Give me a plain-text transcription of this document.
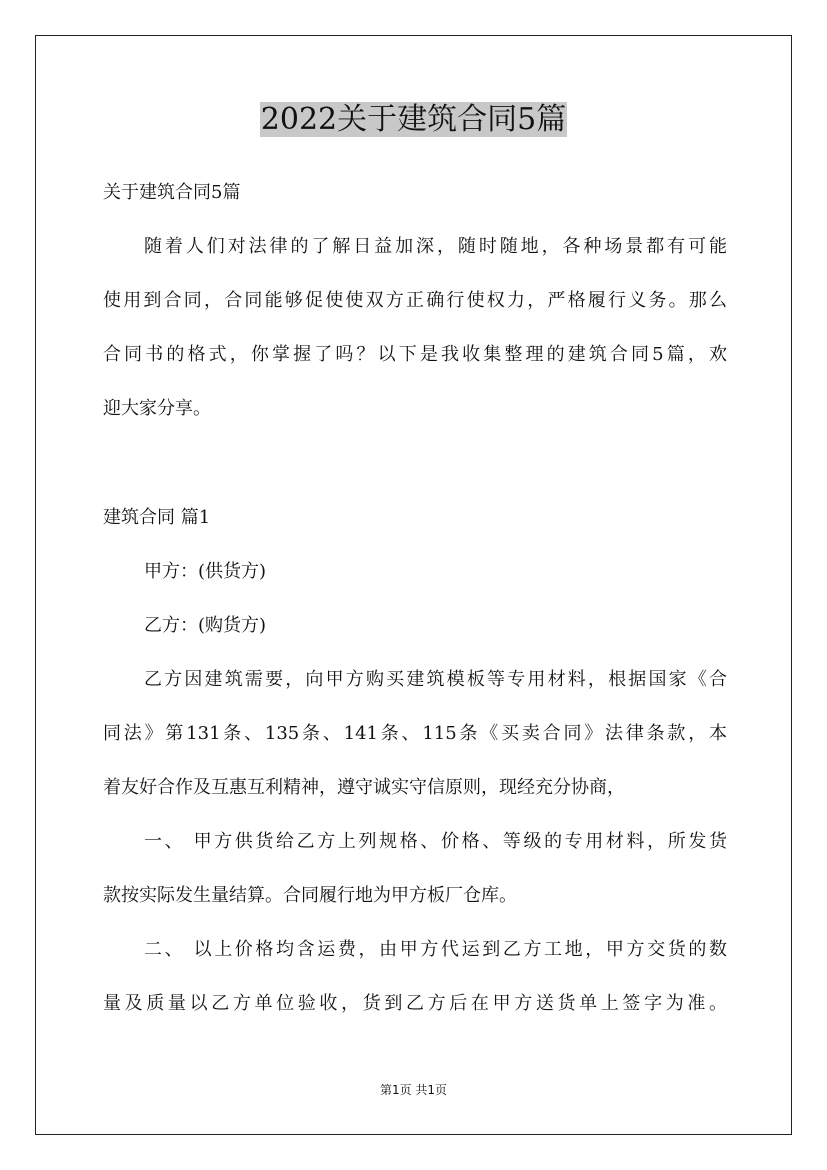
2022关于建筑合同5篇

关于建筑合同5篇

随着人们对法律的了解日益加深，随时随地，各种场景都有可能

使用到合同，合同能够促使使双方正确行使权力，严格履行义务。那么

合同书的格式，你掌握了吗？以下是我收集整理的建筑合同5篇，欢

迎大家分享。

建筑合同 篇1

甲方：(供货方)

乙方：(购货方)

乙方因建筑需要，向甲方购买建筑模板等专用材料，根据国家《合

同法》第131条、135条、141条、115条《买卖合同》法律条款，本

着友好合作及互惠互利精神，遵守诚实守信原则，现经充分协商，

一、 甲方供货给乙方上列规格、价格、等级的专用材料，所发货

款按实际发生量结算。合同履行地为甲方板厂仓库。

二、 以上价格均含运费，由甲方代运到乙方工地，甲方交货的数

量及质量以乙方单位验收，货到乙方后在甲方送货单上签字为准。

第1页 共1页
